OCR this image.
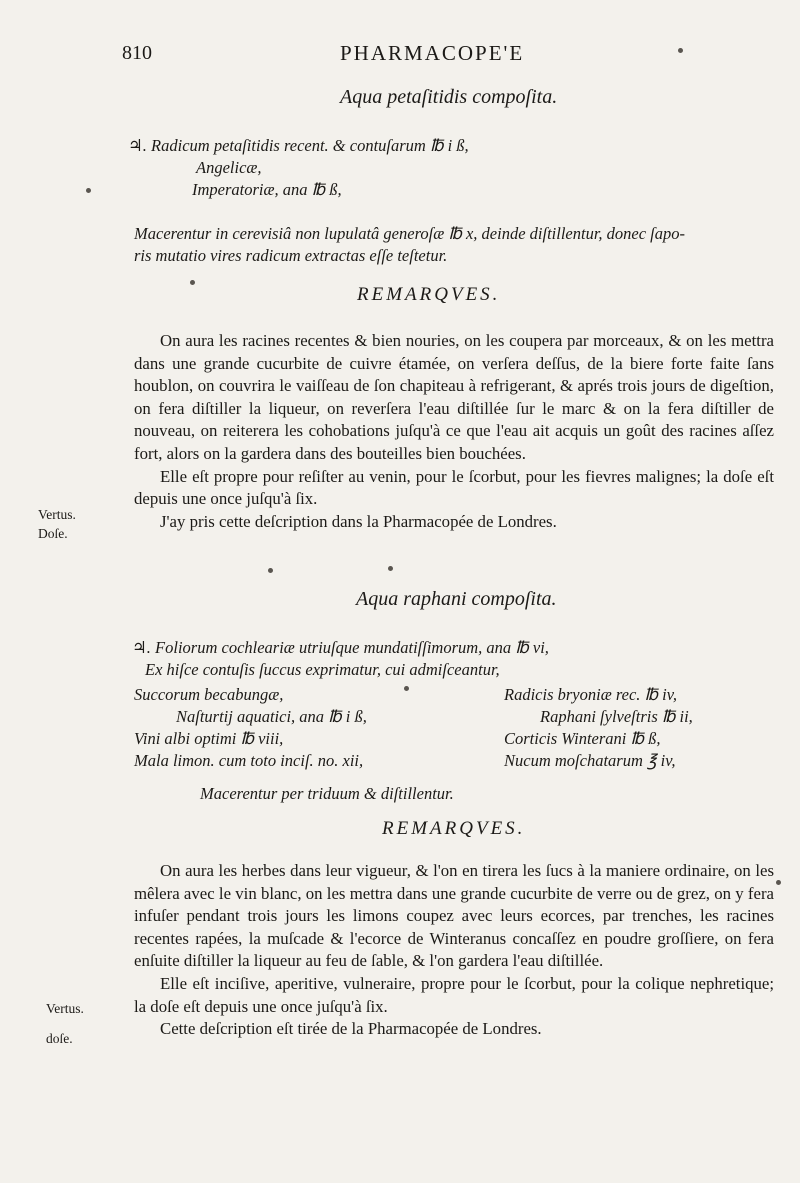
810	PHARMACOPE'E
Aqua petaſitidis compoſita.
♃. Radicum petaſitidis recent. & contuſarum ℔ i ß,
Angelicæ,
Imperatoriæ, ana ℔ ß,
Macerentur in cerevisiâ non lupulatâ generoſæ ℔ x, deinde diſtillentur, donec ſapo-
ris mutatio vires radicum extractas eſſe teſtetur.
REMARQVES.

On aura les racines recentes & bien nouries, on les coupera par morceaux, & on les mettra dans une grande cucurbite de cuivre étamée, on verſera deſſus, de la biere forte faite ſans houblon, on couvrira le vaiſſeau de ſon chapiteau à refrigerant, & aprés trois jours de digeſtion, on fera diſtiller la liqueur, on reverſera l'eau diſtillée ſur le marc & on la fera diſtiller de nouveau, on reiterera les cohobations juſqu'à ce que l'eau ait acquis un goût des racines aſſez fort, alors on la gardera dans des bouteilles bien bouchées.

Elle eſt propre pour reſiſter au venin, pour le ſcorbut, pour les fievres malignes; la doſe eſt depuis une once juſqu'à ſix.

J'ay pris cette deſcription dans la Pharmacopée de Londres.

Vertus.
Doſe.
Aqua raphani compoſita.
♃. Foliorum cochleariæ utriuſque mundatiſſimorum, ana ℔ vi,
Ex hiſce contuſis ſuccus exprimatur, cui admiſceantur,
Succorum becabungæ,
Naſturtij aquatici, ana ℔ i ß,
Vini albi optimi ℔ viii,
Mala limon. cum toto inciſ. no. xii,
Radicis bryoniæ rec. ℔ iv,
Raphani ſylveſtris ℔ ii,
Corticis Winterani ℔ ß,
Nucum moſchatarum ℥ iv,
Macerentur per triduum & diſtillentur.
REMARQVES.

On aura les herbes dans leur vigueur, & l'on en tirera les ſucs à la maniere ordinaire, on les mêlera avec le vin blanc, on les mettra dans une grande cucurbite de verre ou de grez, on y fera infuſer pendant trois jours les limons coupez avec leurs ecorces, par trenches, les racines recentes rapées, la muſcade & l'ecorce de Winteranus concaſſez en poudre groſſiere, on fera enſuite diſtiller la liqueur au feu de ſable, & l'on gardera l'eau diſtillée.

Elle eſt inciſive, aperitive, vulneraire, propre pour le ſcorbut, pour la colique nephretique; la doſe eſt depuis une once juſqu'à ſix.

Cette deſcription eſt tirée de la Pharmacopée de Londres.

Vertus.
doſe.
